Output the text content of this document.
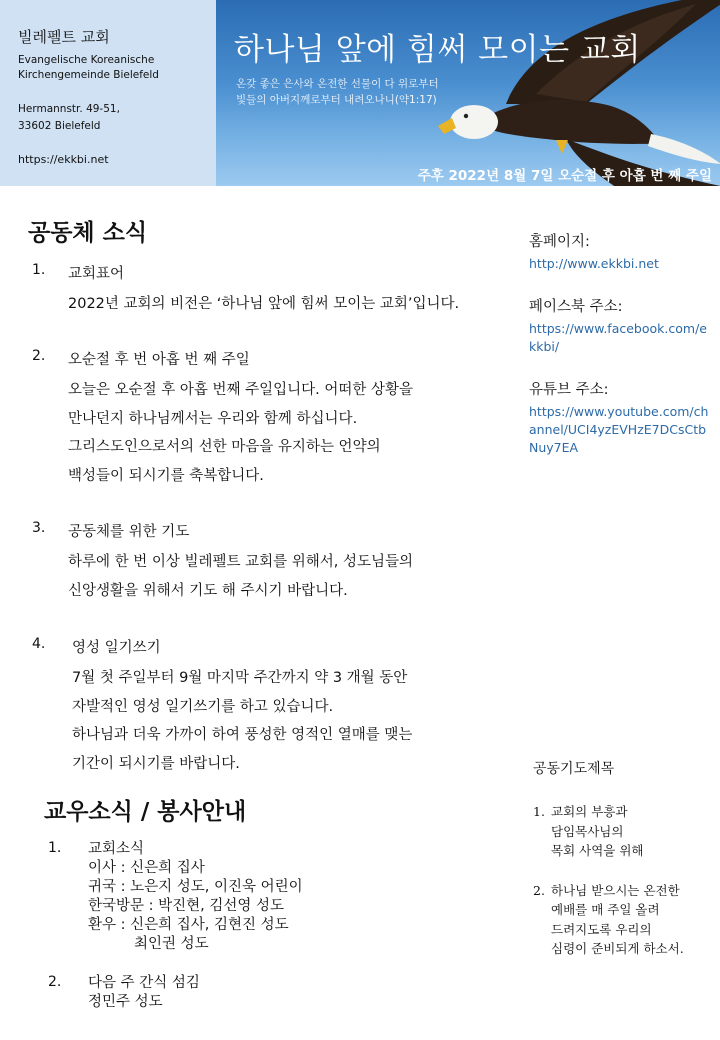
빌레펠트 교회
Evangelische Koreanische
Kirchengemeinde Bielefeld
Hermannstr. 49-51,
33602 Bielefeld
https://ekkbi.net
하나님 앞에 힘써 모이는 교회
온갖 좋은 은사와 온전한 선물이 다 위로부터
빛들의 아버지께로부터 내려오나니(약1:17)
주후 2022년 8월 7일 오순절 후 아홉 번 째 주일
공동체 소식
1. 교회표어
2022년 교회의 비전은 ‘하나님 앞에 힘써 모이는 교회’입니다.
2. 오순절 후 번 아홉 번 째 주일
오늘은 오순절 후 아홉 번째 주일입니다. 어떠한 상황을
만나던지 하나님께서는 우리와 함께 하십니다.
그리스도인으로서의 선한 마음을 유지하는 언약의
백성들이 되시기를 축복합니다.
3. 공동체를 위한 기도
하루에 한 번 이상 빌레펠트 교회를 위해서, 성도님들의
신앙생활을 위해서 기도 해 주시기 바랍니다.
4. 영성 일기쓰기
7월 첫 주일부터 9월 마지막 주간까지 약 3 개월 동안
자발적인 영성 일기쓰기를 하고 있습니다.
하나님과 더욱 가까이 하여 풍성한 영적인 열매를 맺는
기간이 되시기를 바랍니다.
교우소식 / 봉사안내
1. 교회소식
이사 : 신은희 집사
귀국 : 노은지 성도, 이진욱 어린이
한국방문 : 박진현, 김선영 성도
환우 : 신은희 집사, 김현진 성도
최인권 성도
2. 다음 주 간식 섬김
정민주 성도
홈페이지:
http://www.ekkbi.net
페이스북 주소:
https://www.facebook.com/ekkbi/
유튜브 주소:
https://www.youtube.com/channel/UCI4yzEVHzE7DCsCtbNuy7EA
공동기도제목
1. 교회의 부흥과
담임목사님의
목회 사역을 위해
2. 하나님 받으시는 온전한
예배를 매 주일 올려
드려지도록 우리의
심령이 준비되게 하소서.
